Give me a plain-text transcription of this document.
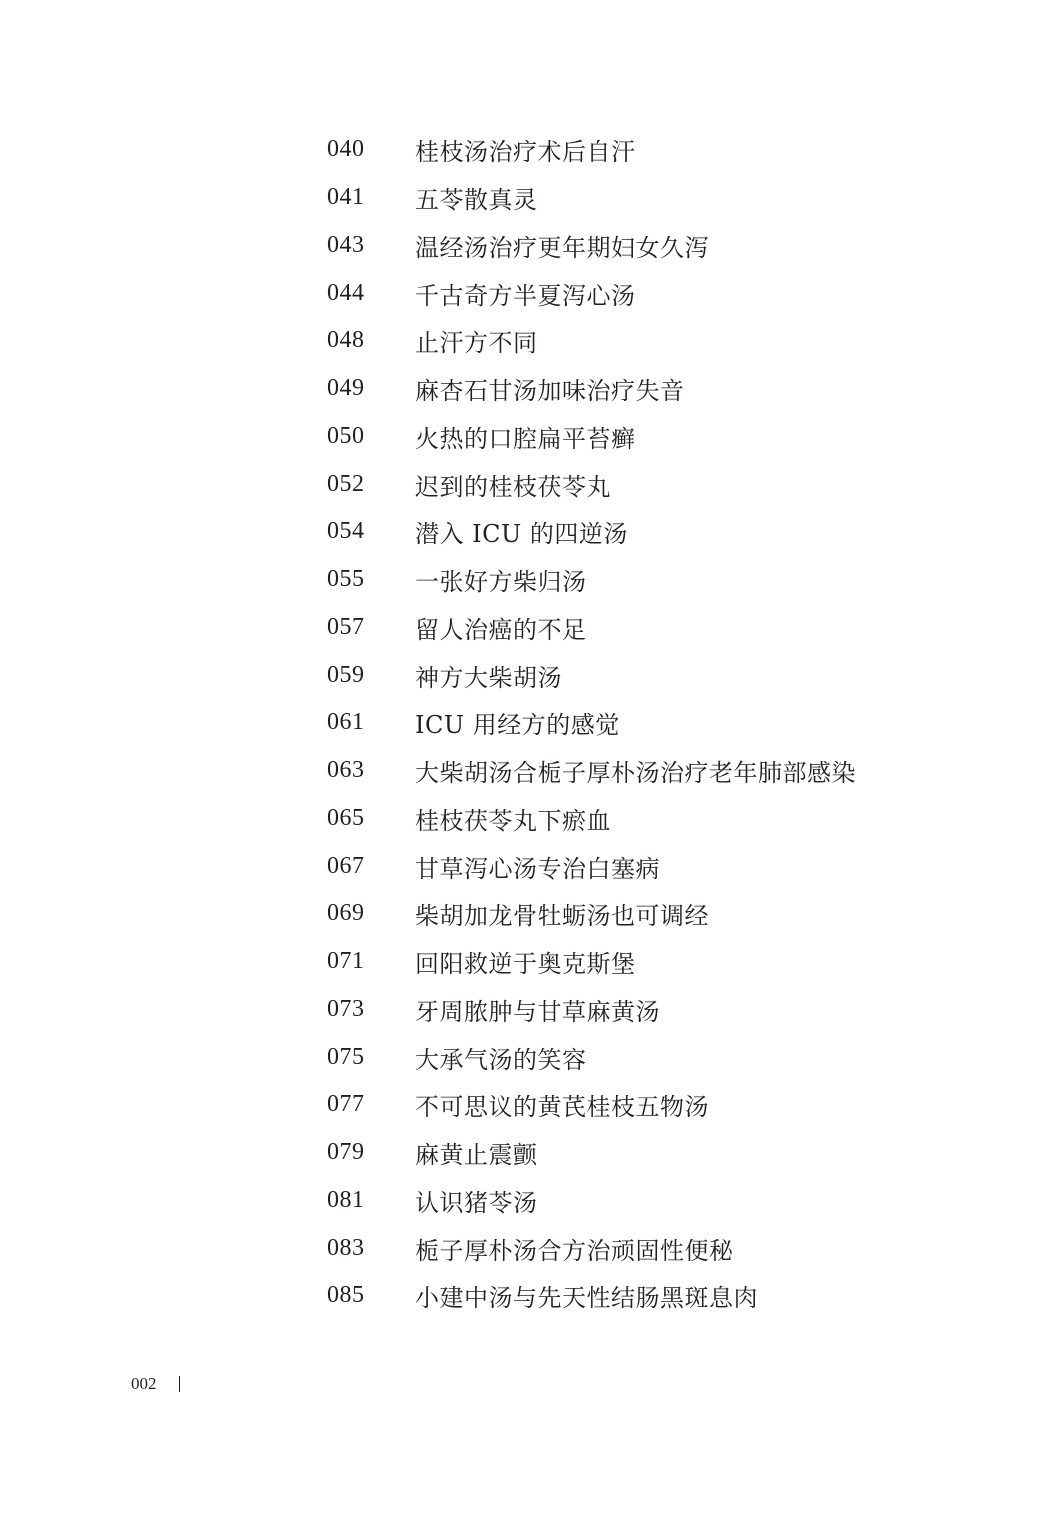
040	桂枝汤治疗术后自汗
041	五苓散真灵
043	温经汤治疗更年期妇女久泻
044	千古奇方半夏泻心汤
048	止汗方不同
049	麻杏石甘汤加味治疗失音
050	火热的口腔扁平苔癣
052	迟到的桂枝茯苓丸
054	潜入 ICU 的四逆汤
055	一张好方柴归汤
057	留人治癌的不足
059	神方大柴胡汤
061	ICU 用经方的感觉
063	大柴胡汤合栀子厚朴汤治疗老年肺部感染
065	桂枝茯苓丸下瘀血
067	甘草泻心汤专治白塞病
069	柴胡加龙骨牡蛎汤也可调经
071	回阳救逆于奥克斯堡
073	牙周脓肿与甘草麻黄汤
075	大承气汤的笑容
077	不可思议的黄芪桂枝五物汤
079	麻黄止震颤
081	认识猪苓汤
083	栀子厚朴汤合方治顽固性便秘
085	小建中汤与先天性结肠黑斑息肉
002
